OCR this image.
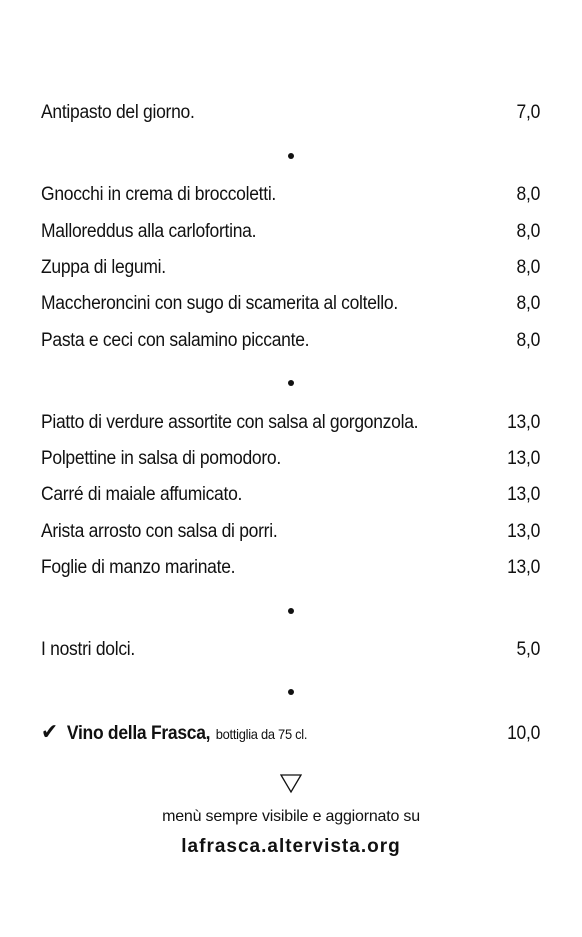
Antipasto del giorno.	7,0
Gnocchi in crema di broccoletti.	8,0
Malloreddus alla carlofortina.	8,0
Zuppa di legumi.	8,0
Maccheroncini con sugo di scamerita al coltello.	8,0
Pasta e ceci con salamino piccante.	8,0
Piatto di verdure assortite con salsa al gorgonzola.	13,0
Polpettine in salsa di pomodoro.	13,0
Carré di maiale affumicato.	13,0
Arista arrosto con salsa di porri.	13,0
Foglie di manzo marinate.	13,0
I nostri dolci.	5,0
✔ Vino della Frasca, bottiglia da 75 cl.	10,0
menù sempre visibile e aggiornato su
lafrasca.altervista.org
